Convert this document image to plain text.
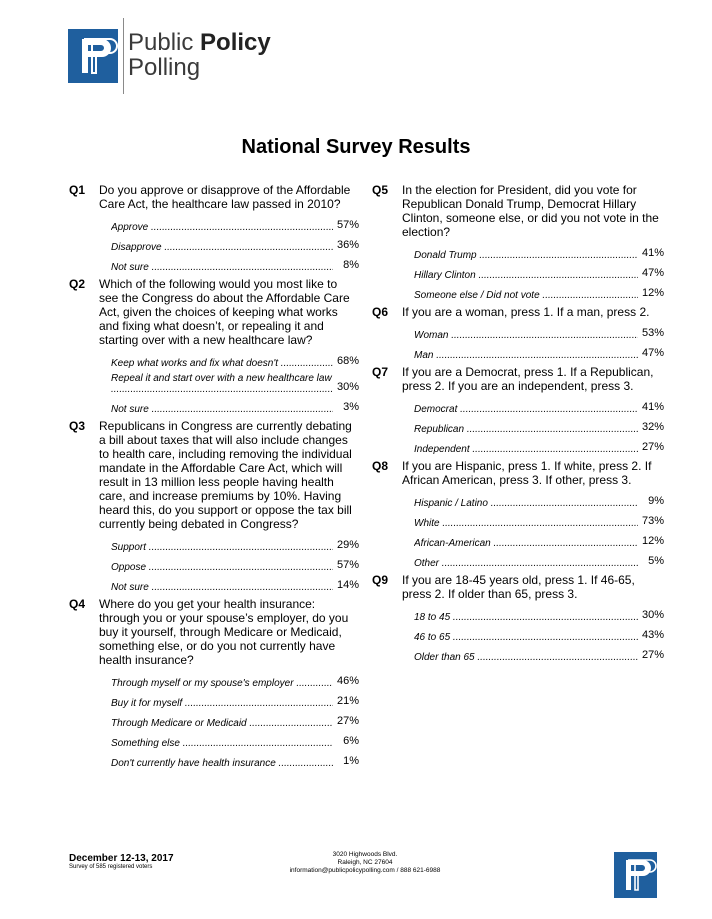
Public Policy
Polling
National Survey Results
Q1 Do you approve or disapprove of the Affordable Care Act, the healthcare law passed in 2010?
Approve .....	57%
Disapprove .....	36%
Not sure .....	8%
Q2 Which of the following would you most like to see the Congress do about the Affordable Care Act, given the choices of keeping what works and fixing what doesn’t, or repealing it and starting over with a new healthcare law?
Keep what works and fix what doesn't .....	68%
Repeal it and start over with a new healthcare law .....
30%
Not sure .....	3%
Q3 Republicans in Congress are currently debating a bill about taxes that will also include changes to health care, including removing the individual mandate in the Affordable Care Act, which will result in 13 million less people having health care, and increase premiums by 10%. Having heard this, do you support or oppose the tax bill currently being debated in Congress?
Support .....	29%
Oppose .....	57%
Not sure .....	14%
Q4 Where do you get your health insurance: through you or your spouse’s employer, do you buy it yourself, through Medicare or Medicaid, something else, or do you not currently have health insurance?
Through myself or my spouse's employer .....	46%
Buy it for myself .....	21%
Through Medicare or Medicaid .....	27%
Something else .....	6%
Don't currently have health insurance .....	1%
Q5 In the election for President, did you vote for Republican Donald Trump, Democrat Hillary Clinton, someone else, or did you not vote in the election?
Donald Trump .....	41%
Hillary Clinton .....	47%
Someone else / Did not vote .....	12%
Q6 If you are a woman, press 1. If a man, press 2.
Woman .....	53%
Man .....	47%
Q7 If you are a Democrat, press 1. If a Republican, press 2. If you are an independent, press 3.
Democrat .....	41%
Republican .....	32%
Independent .....	27%
Q8 If you are Hispanic, press 1. If white, press 2. If African American, press 3. If other, press 3.
Hispanic / Latino .....	9%
White .....	73%
African-American .....	12%
Other .....	5%
Q9 If you are 18-45 years old, press 1. If 46-65, press 2. If older than 65, press 3.
18 to 45 .....	30%
46 to 65 .....	43%
Older than 65 .....	27%
December 12-13, 2017
Survey of 585 registered voters
3020 Highwoods Blvd.
Raleigh, NC 27604
information@publicpolicypolling.com / 888 621-6988
